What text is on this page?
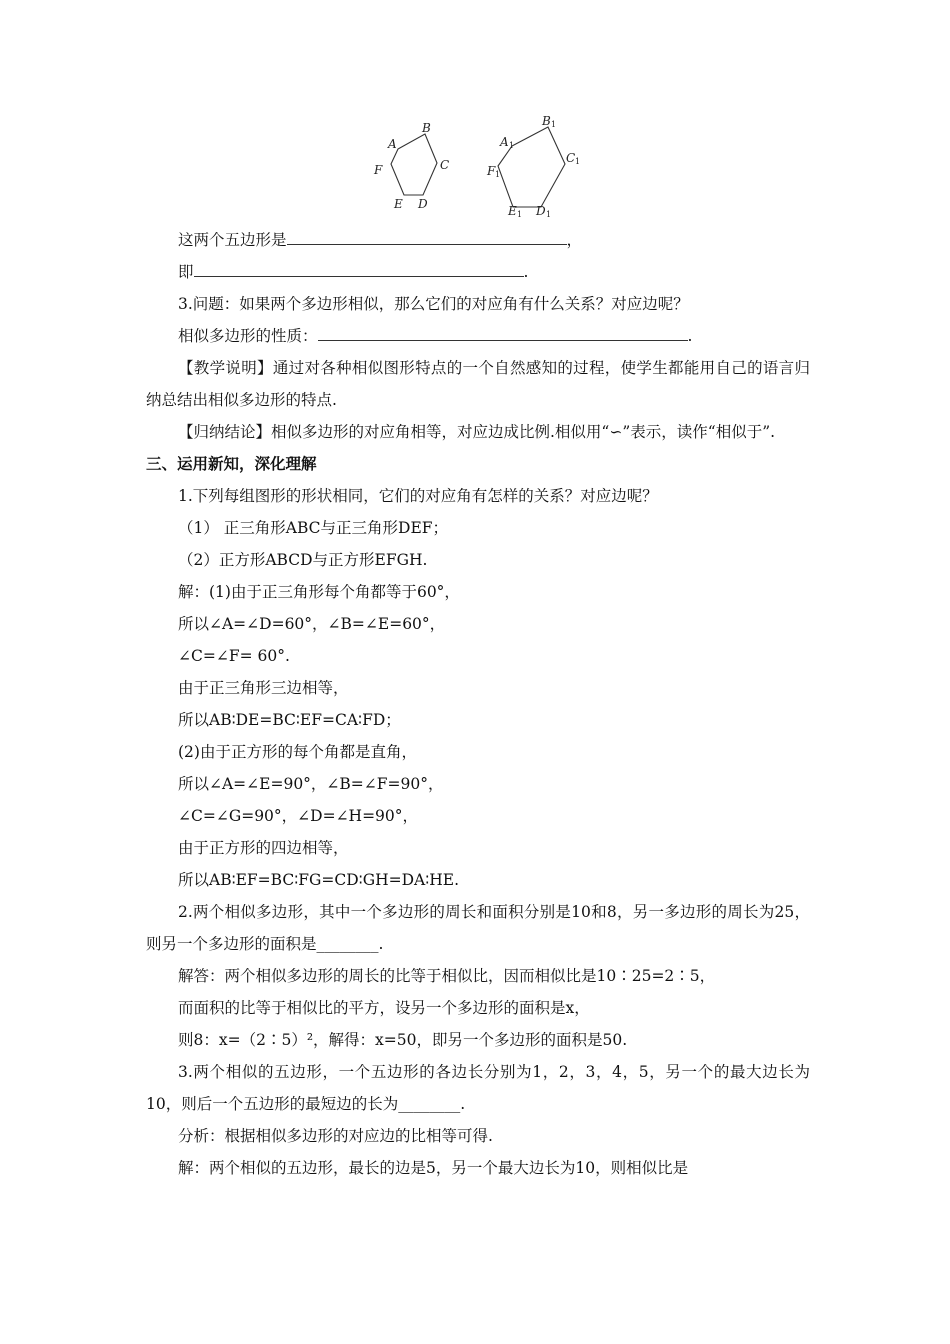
A
B
C
D
E
F
A 1
B 1
C 1
D 1
E 1
F 1
这两个五边形是	，
即	.
3.问题：如果两个多边形相似，那么它们的对应角有什么关系？对应边呢？
相似多边形的性质：	.
【教学说明】通过对各种相似图形特点的一个自然感知的过程，使学生都能用自己的语言归纳总结出相似多边形的特点.
【归纳结论】相似多边形的对应角相等，对应边成比例.相似用“∽”表示，读作“相似于”.
三、运用新知，深化理解
1.下列每组图形的形状相同，它们的对应角有怎样的关系？对应边呢？
（1） 正三角形ABC与正三角形DEF；
（2）正方形ABCD与正方形EFGH.
解：(1)由于正三角形每个角都等于60°，
所以∠A=∠D=60°，∠B=∠E=60°，
∠C=∠F= 60°.
由于正三角形三边相等，
所以AB∶DE=BC∶EF=CA∶FD；
(2)由于正方形的每个角都是直角，
所以∠A=∠E=90°，∠B=∠F=90°，
∠C=∠G=90°，∠D=∠H=90°，
由于正方形的四边相等，
所以AB∶EF=BC∶FG=CD∶GH=DA∶HE.
2.两个相似多边形，其中一个多边形的周长和面积分别是10和8，另一多边形的周长为25，则另一个多边形的面积是________.
解答：两个相似多边形的周长的比等于相似比，因而相似比是10∶25=2∶5，
而面积的比等于相似比的平方，设另一个多边形的面积是x，
则8：x=（2∶5）²，解得：x=50，即另一个多边形的面积是50.
3.两个相似的五边形，一个五边形的各边长分别为1，2，3，4，5，另一个的最大边长为10，则后一个五边形的最短边的长为________.
分析：根据相似多边形的对应边的比相等可得.
解：两个相似的五边形，最长的边是5，另一个最大边长为10，则相似比是
